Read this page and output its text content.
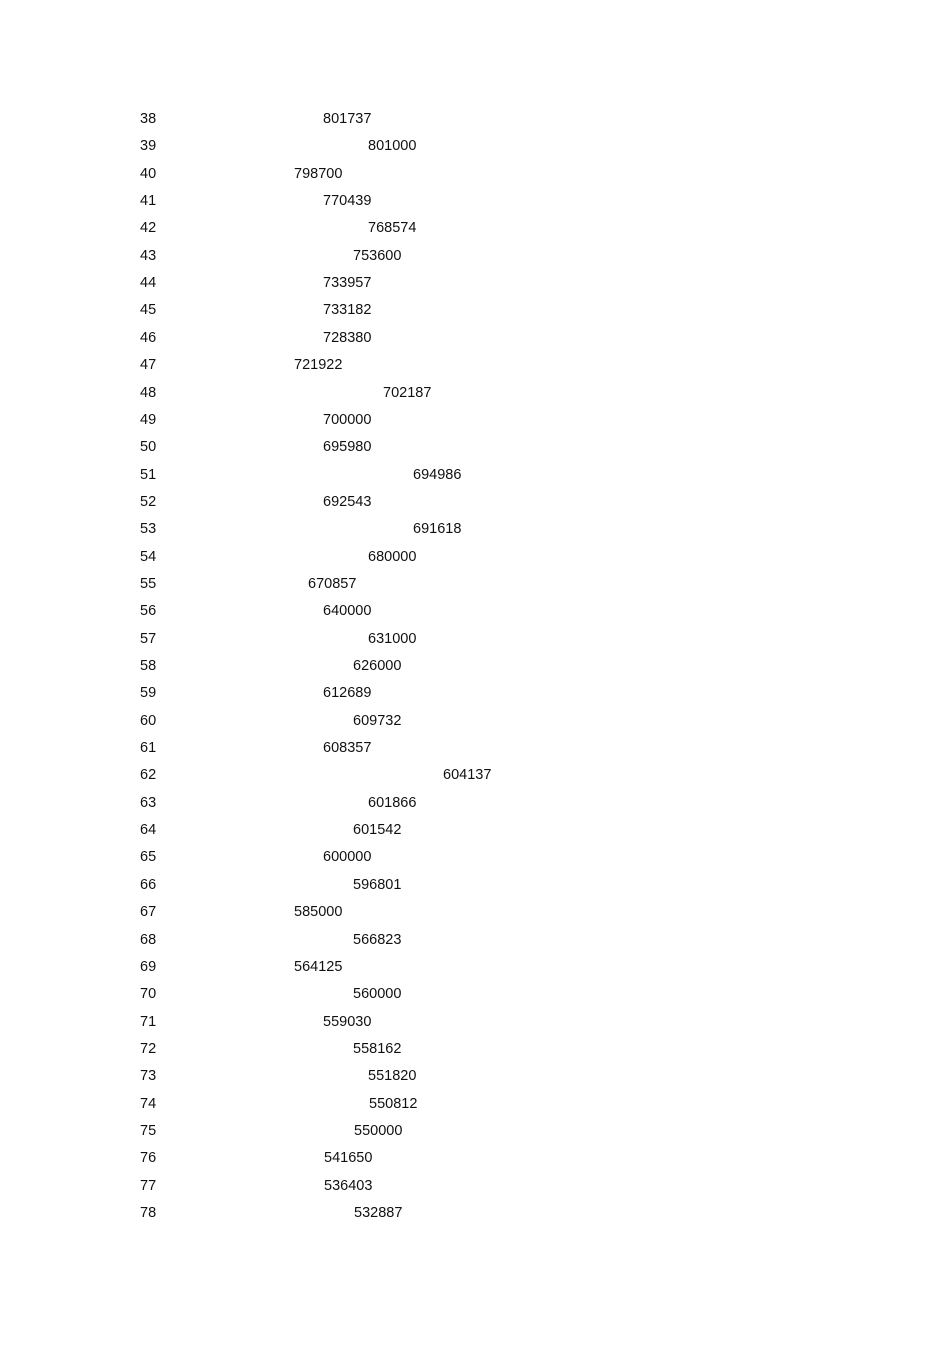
38	801737
39	801000
40	798700
41	770439
42	768574
43	753600
44	733957
45	733182
46	728380
47	721922
48	702187
49	700000
50	695980
51	694986
52	692543
53	691618
54	680000
55	670857
56	640000
57	631000
58	626000
59	612689
60	609732
61	608357
62	604137
63	601866
64	601542
65	600000
66	596801
67	585000
68	566823
69	564125
70	560000
71	559030
72	558162
73	551820
74	550812
75	550000
76	541650
77	536403
78	532887
